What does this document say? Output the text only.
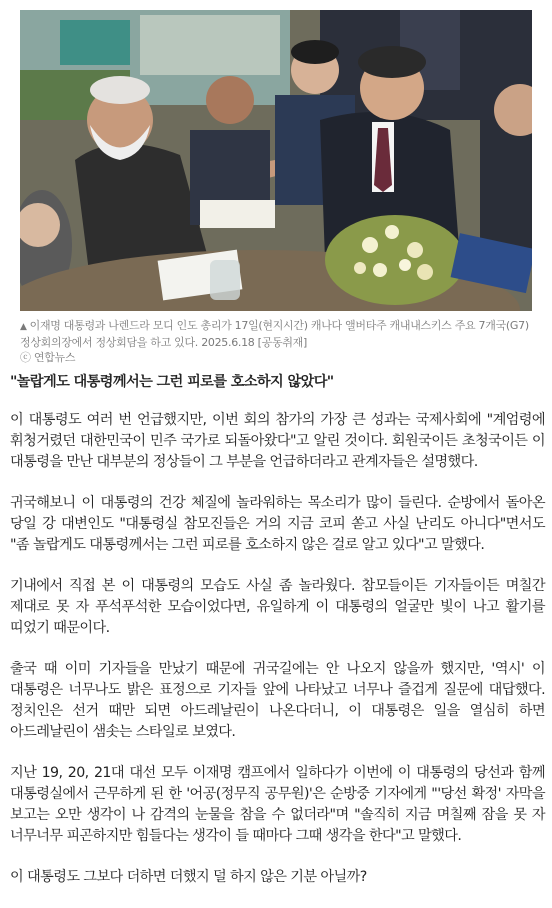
▲ 이재명 대통령과 나렌드라 모디 인도 총리가 17일(현지시간) 캐나다 앨버타주 캐내내스키스 주요 7개국(G7) 정상회의장에서 정상회담을 하고 있다. 2025.6.18 [공동취재]
ⓒ 연합뉴스

"놀랍게도 대통령께서는 그런 피로를 호소하지 않았다"

이 대통령도 여러 번 언급했지만, 이번 회의 참가의 가장 큰 성과는 국제사회에 "계엄령에 휘청거렸던 대한민국이 민주 국가로 되돌아왔다"고 알린 것이다. 회원국이든 초청국이든 이 대통령을 만난 대부분의 정상들이 그 부분을 언급하더라고 관계자들은 설명했다.

귀국해보니 이 대통령의 건강 체질에 놀라워하는 목소리가 많이 들린다. 순방에서 돌아온 당일 강 대변인도 "대통령실 참모진들은 거의 지금 코피 쏟고 사실 난리도 아니다"면서도 "좀 놀랍게도 대통령께서는 그런 피로를 호소하지 않은 걸로 알고 있다"고 말했다.

기내에서 직접 본 이 대통령의 모습도 사실 좀 놀라웠다. 참모들이든 기자들이든 며칠간 제대로 못 자 푸석푸석한 모습이었다면, 유일하게 이 대통령의 얼굴만 빛이 나고 활기를 띠었기 때문이다.

출국 때 이미 기자들을 만났기 때문에 귀국길에는 안 나오지 않을까 했지만, '역시' 이 대통령은 너무나도 밝은 표정으로 기자들 앞에 나타났고 너무나 즐겁게 질문에 대답했다. 정치인은 선거 때만 되면 아드레날린이 나온다더니, 이 대통령은 일을 열심히 하면 아드레날린이 샘솟는 스타일로 보였다.

지난 19, 20, 21대 대선 모두 이재명 캠프에서 일하다가 이번에 이 대통령의 당선과 함께 대통령실에서 근무하게 된 한 '어공(정무직 공무원)'은 순방중 기자에게 "'당선 확정' 자막을 보고는 오만 생각이 나 감격의 눈물을 참을 수 없더라"며 "솔직히 지금 며칠째 잠을 못 자 너무너무 피곤하지만 힘들다는 생각이 들 때마다 그때 생각을 한다"고 말했다.

이 대통령도 그보다 더하면 더했지 덜 하지 않은 기분 아닐까?
